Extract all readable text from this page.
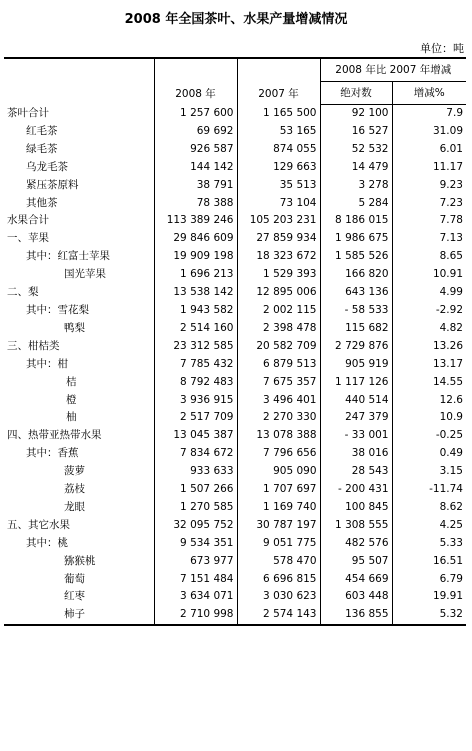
2008 年全国茶叶、水果产量增减情况
单位：吨
	2008 年	2007 年	2008 年比 2007 年增减	
			绝对数	增减%
茶叶合计	1 257 600	1 165 500	92 100	7.9
红毛茶	69 692	53 165	16 527	31.09
绿毛茶	926 587	874 055	52 532	6.01
乌龙毛茶	144 142	129 663	14 479	11.17
紧压茶原料	38 791	35 513	3 278	9.23
其他茶	78 388	73 104	5 284	7.23
水果合计	113 389 246	105 203 231	8 186 015	7.78
一、苹果	29 846 609	27 859 934	1 986 675	7.13
其中：红富士苹果	19 909 198	18 323 672	1 585 526	8.65
国光苹果	1 696 213	1 529 393	166 820	10.91
二、梨	13 538 142	12 895 006	643 136	4.99
其中：雪花梨	1 943 582	2 002 115	- 58 533	-2.92
鸭梨	2 514 160	2 398 478	115 682	4.82
三、柑桔类	23 312 585	20 582 709	2 729 876	13.26
其中：柑	7 785 432	6 879 513	905 919	13.17
桔	8 792 483	7 675 357	1 117 126	14.55
橙	3 936 915	3 496 401	440 514	12.6
柚	2 517 709	2 270 330	247 379	10.9
四、热带亚热带水果	13 045 387	13 078 388	- 33 001	-0.25
其中：香蕉	7 834 672	7 796 656	38 016	0.49
菠萝	933 633	905 090	28 543	3.15
荔枝	1 507 266	1 707 697	- 200 431	-11.74
龙眼	1 270 585	1 169 740	100 845	8.62
五、其它水果	32 095 752	30 787 197	1 308 555	4.25
其中：桃	9 534 351	9 051 775	482 576	5.33
猕猴桃	673 977	578 470	95 507	16.51
葡萄	7 151 484	6 696 815	454 669	6.79
红枣	3 634 071	3 030 623	603 448	19.91
柿子	2 710 998	2 574 143	136 855	5.32
